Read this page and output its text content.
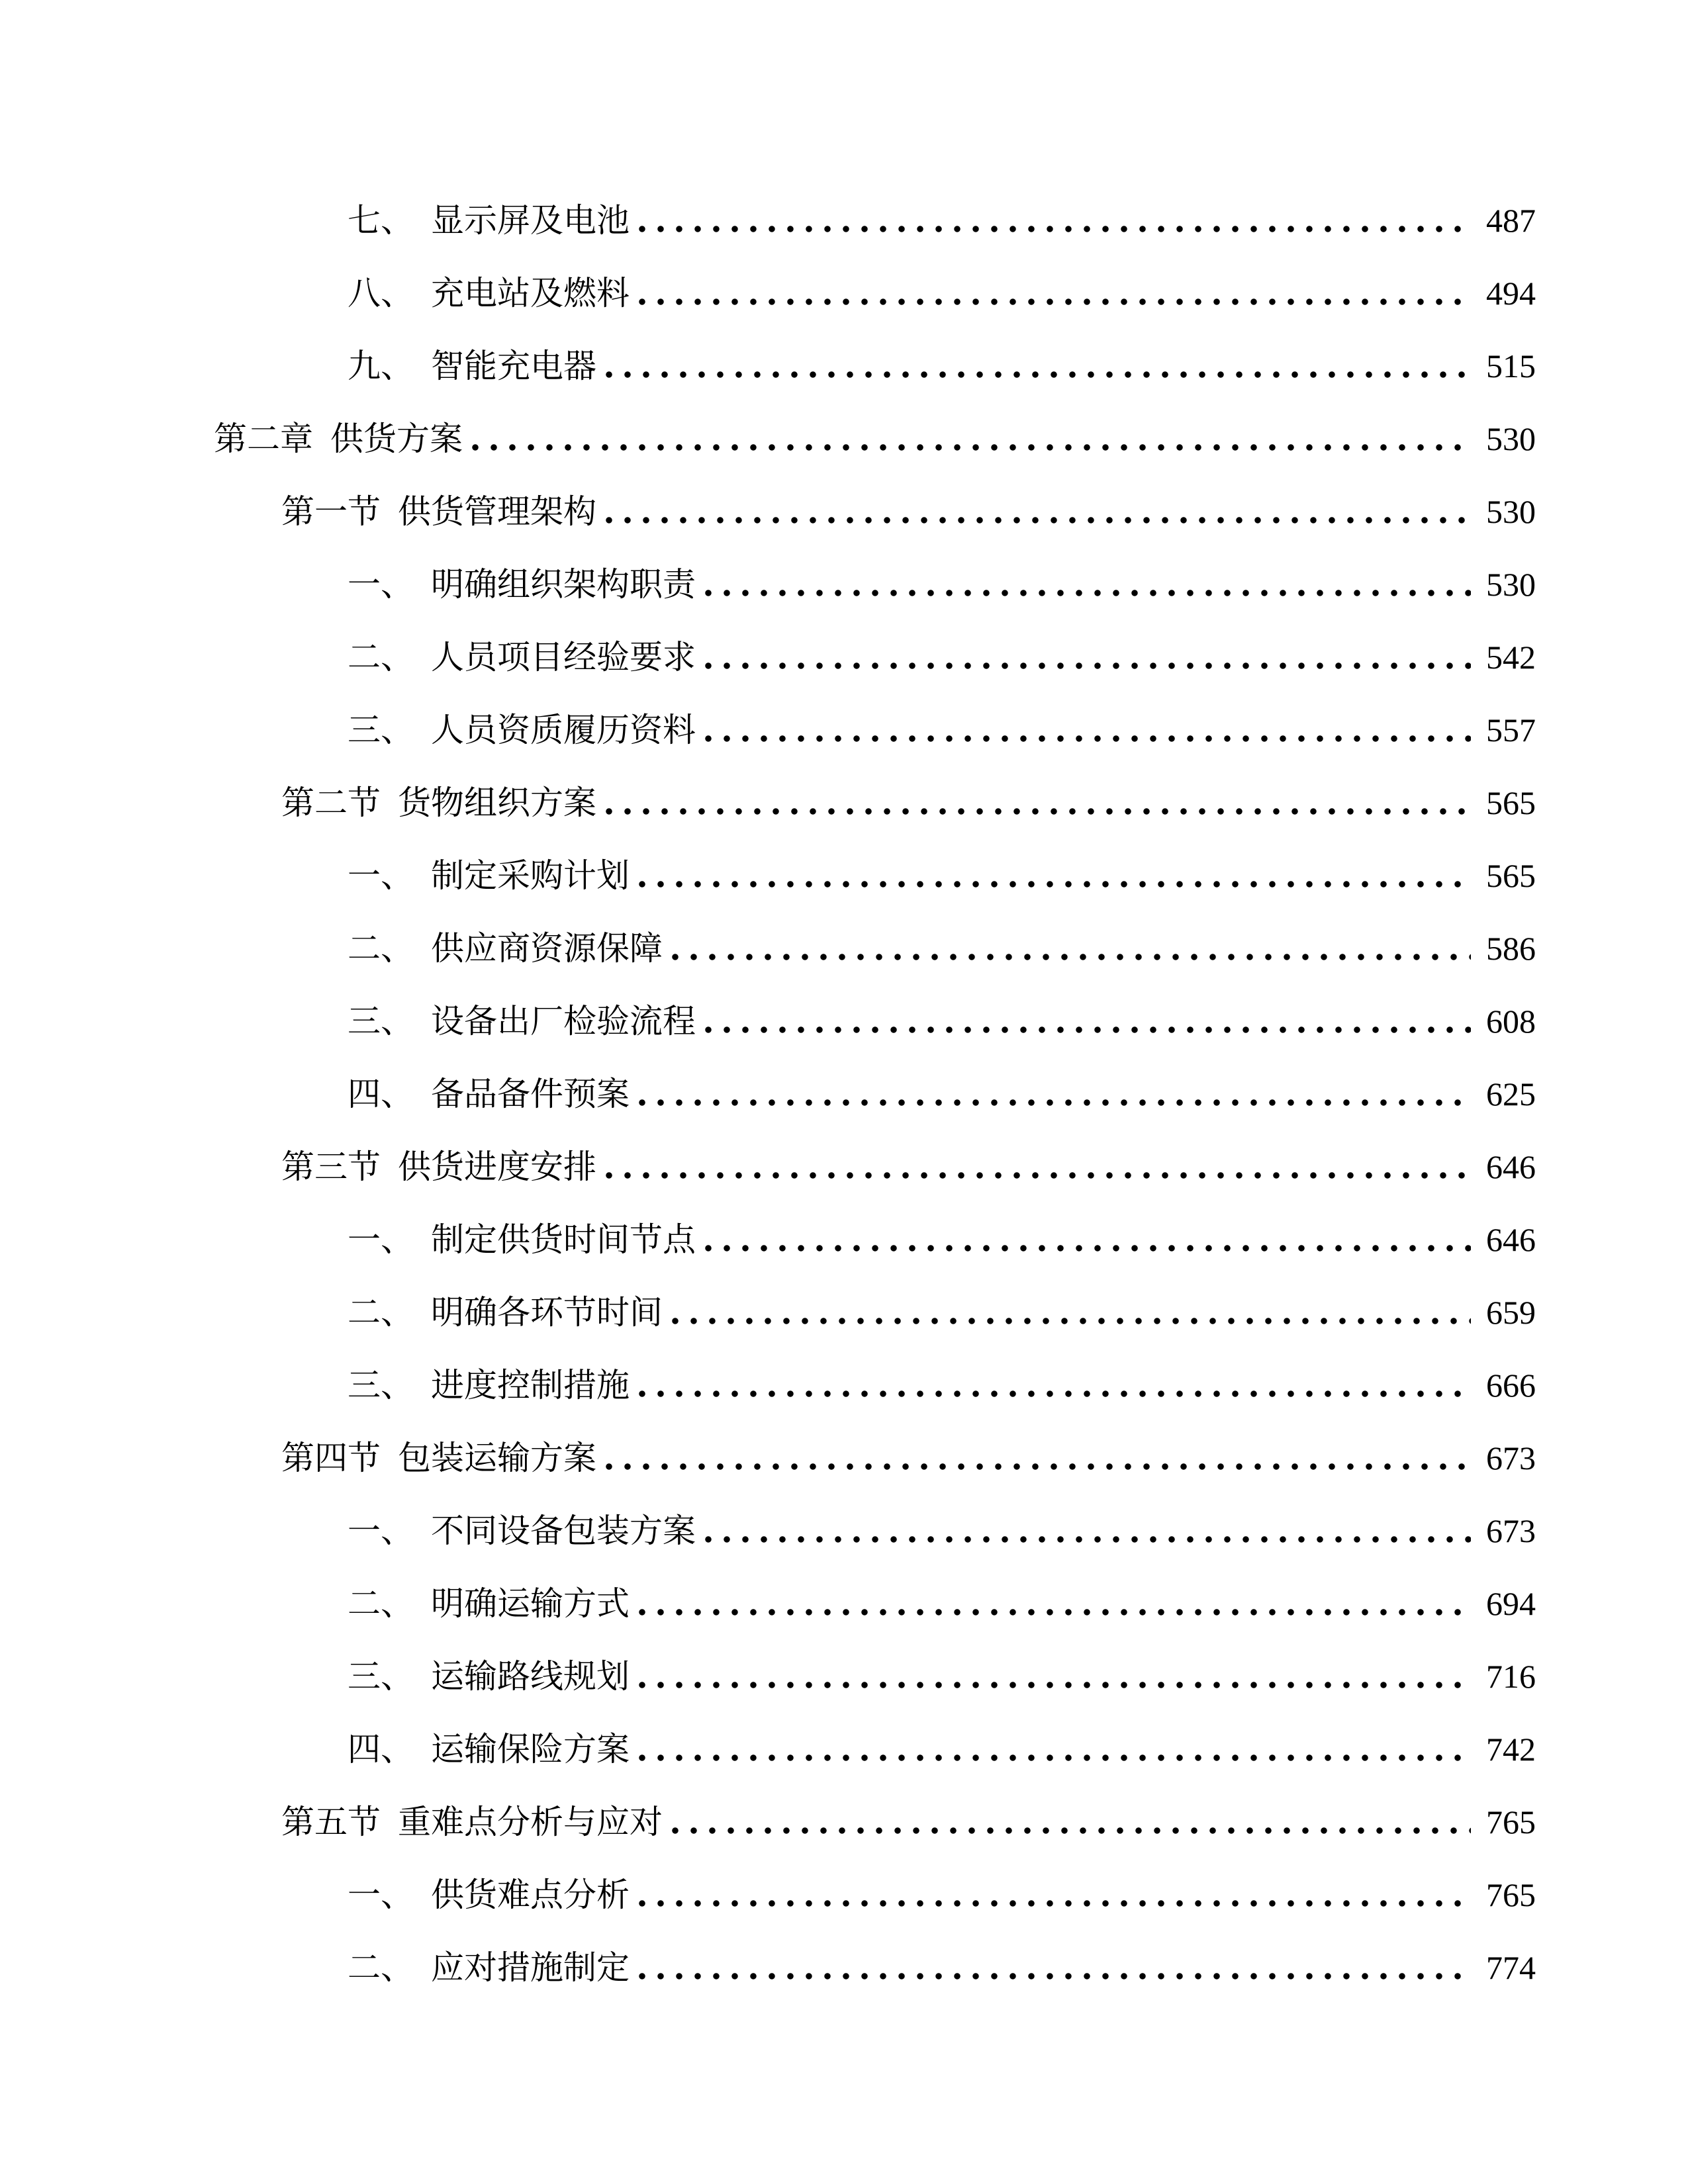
七、 显示屏及电池	487
八、 充电站及燃料	494
九、 智能充电器	515
第二章 供货方案	530
第一节 供货管理架构	530
一、 明确组织架构职责	530
二、 人员项目经验要求	542
三、 人员资质履历资料	557
第二节 货物组织方案	565
一、 制定采购计划	565
二、 供应商资源保障	586
三、 设备出厂检验流程	608
四、 备品备件预案	625
第三节 供货进度安排	646
一、 制定供货时间节点	646
二、 明确各环节时间	659
三、 进度控制措施	666
第四节 包装运输方案	673
一、 不同设备包装方案	673
二、 明确运输方式	694
三、 运输路线规划	716
四、 运输保险方案	742
第五节 重难点分析与应对	765
一、 供货难点分析	765
二、 应对措施制定	774
